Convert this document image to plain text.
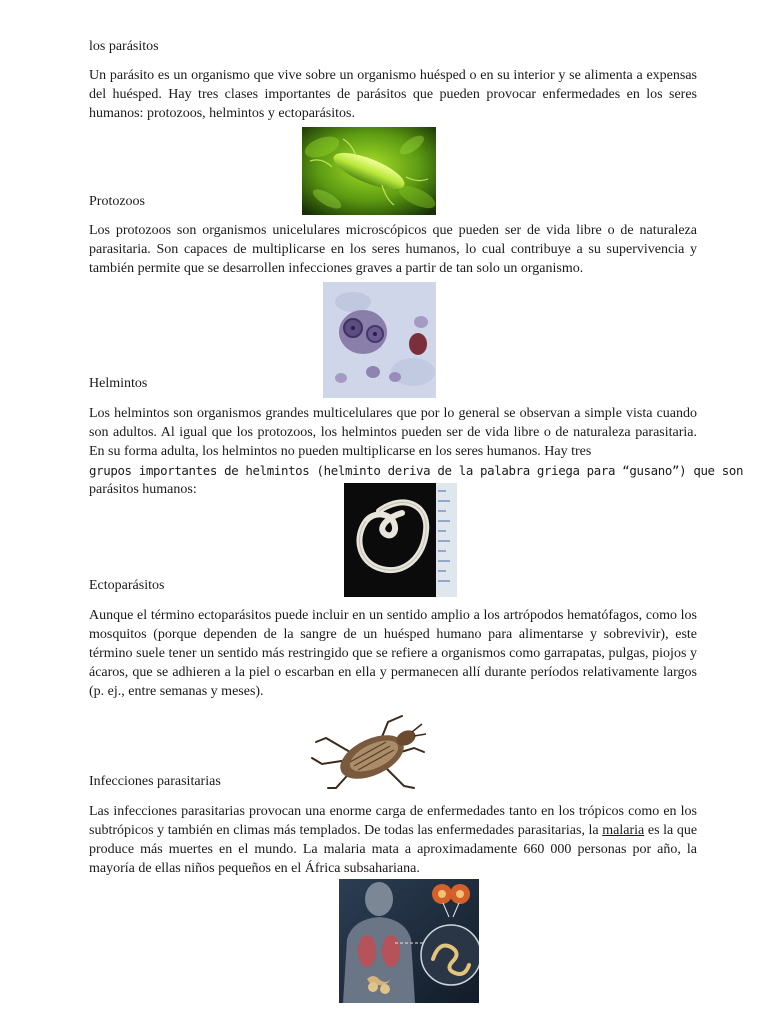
los parásitos

Un parásito es un organismo que vive sobre un organismo huésped o en su interior y se alimenta a expensas del huésped. Hay tres clases importantes de parásitos que pueden provocar enfermedades en los seres humanos: protozoos, helmintos y ectoparásitos.

Protozoos

Los protozoos son organismos unicelulares microscópicos que pueden ser de vida libre o de naturaleza parasitaria. Son capaces de multiplicarse en los seres humanos, lo cual contribuye a su supervivencia y también permite que se desarrollen infecciones graves a partir de tan solo un organismo.

Helmintos

Los helmintos son organismos grandes multicelulares que por lo general se observan a simple vista cuando son adultos. Al igual que los protozoos, los helmintos pueden ser de vida libre o de naturaleza parasitaria. En su forma adulta, los helmintos no pueden multiplicarse en los seres humanos. Hay tres
grupos importantes de helmintos (helminto deriva de la palabra griega para “gusano”) que son
parásitos humanos:

Ectoparásitos

Aunque el término ectoparásitos puede incluir en un sentido amplio a los artrópodos hematófagos, como los mosquitos (porque dependen de la sangre de un huésped humano para alimentarse y sobrevivir), este término suele tener un sentido más restringido que se refiere a organismos como garrapatas, pulgas, piojos y ácaros, que se adhieren a la piel o escarban en ella y permanecen allí durante períodos relativamente largos (p. ej., entre semanas y meses).

Infecciones parasitarias

Las infecciones parasitarias provocan una enorme carga de enfermedades tanto en los trópicos como en los subtrópicos y también en climas más templados. De todas las enfermedades parasitarias, la malaria es la que produce más muertes en el mundo. La malaria mata a aproximadamente 660 000 personas por año, la mayoría de ellas niños pequeños en el África subsahariana.
